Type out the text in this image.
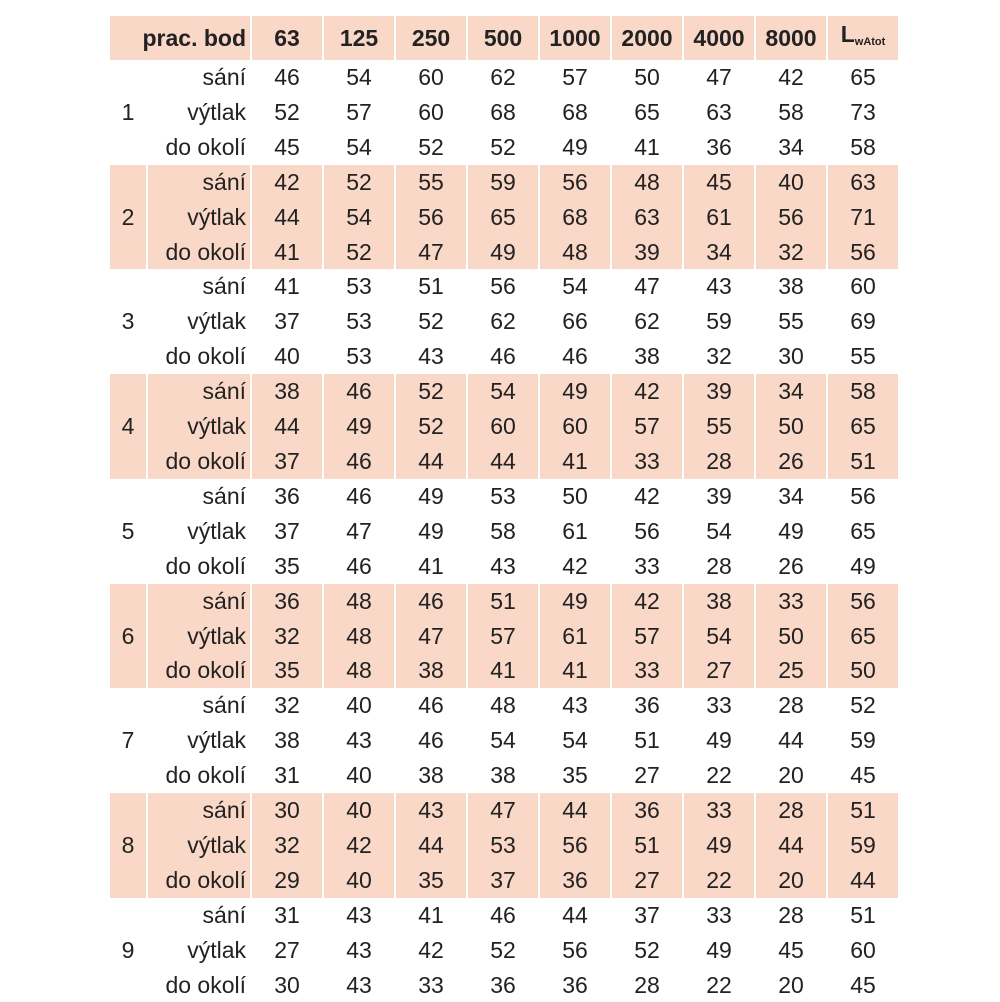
prac. bod		63	125	250	500	1000	2000	4000	8000	$L_{wAtot}$
1	sání	46	54	60	62	57	50	47	42	65
	výtlak	52	57	60	68	68	65	63	58	73
	do okolí	45	54	52	52	49	41	36	34	58
2	sání	42	52	55	59	56	48	45	40	63
	výtlak	44	54	56	65	68	63	61	56	71
	do okolí	41	52	47	49	48	39	34	32	56
3	sání	41	53	51	56	54	47	43	38	60
	výtlak	37	53	52	62	66	62	59	55	69
	do okolí	40	53	43	46	46	38	32	30	55
4	sání	38	46	52	54	49	42	39	34	58
	výtlak	44	49	52	60	60	57	55	50	65
	do okolí	37	46	44	44	41	33	28	26	51
5	sání	36	46	49	53	50	42	39	34	56
	výtlak	37	47	49	58	61	56	54	49	65
	do okolí	35	46	41	43	42	33	28	26	49
6	sání	36	48	46	51	49	42	38	33	56
	výtlak	32	48	47	57	61	57	54	50	65
	do okolí	35	48	38	41	41	33	27	25	50
7	sání	32	40	46	48	43	36	33	28	52
	výtlak	38	43	46	54	54	51	49	44	59
	do okolí	31	40	38	38	35	27	22	20	45
8	sání	30	40	43	47	44	36	33	28	51
	výtlak	32	42	44	53	56	51	49	44	59
	do okolí	29	40	35	37	36	27	22	20	44
9	sání	31	43	41	46	44	37	33	28	51
	výtlak	27	43	42	52	56	52	49	45	60
	do okolí	30	43	33	36	36	28	22	20	45
